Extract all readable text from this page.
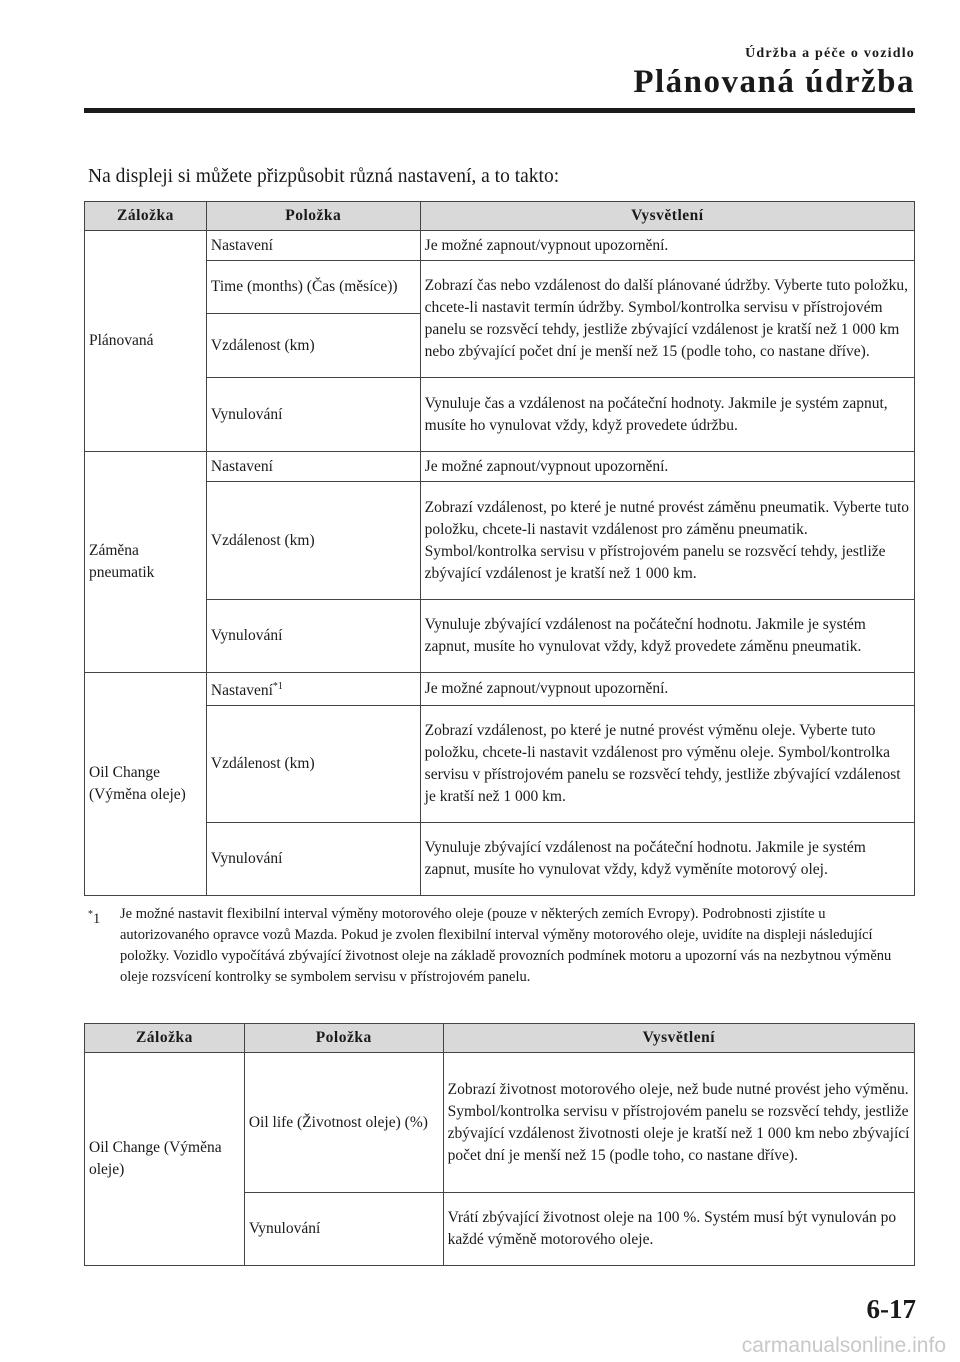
Údržba a péče o vozidlo
Plánovaná údržba
Na displeji si můžete přizpůsobit různá nastavení, a to takto:
Záložka	Položka	Vysvětlení
Plánovaná	Nastavení	Je možné zapnout/vypnout upozornění.
	Time (months) (Čas (měsíce))	Zobrazí čas nebo vzdálenost do další plánované údržby. Vyberte tuto položku, chcete-li nastavit termín údržby. Symbol/kontrolka servisu v přístrojovém panelu se rozsvěcí tehdy, jestliže zbývající vzdálenost je kratší než 1 000 km nebo zbývající počet dní je menší než 15 (podle toho, co nastane dříve).
	Vzdálenost (km)	
	Vynulování	Vynuluje čas a vzdálenost na počáteční hodnoty. Jakmile je systém zapnut, musíte ho vynulovat vždy, když provedete údržbu.
Záměna pneumatik	Nastavení	Je možné zapnout/vypnout upozornění.
	Vzdálenost (km)	Zobrazí vzdálenost, po které je nutné provést záměnu pneumatik. Vyberte tuto položku, chcete-li nastavit vzdálenost pro záměnu pneumatik. Symbol/kontrolka servisu v přístrojovém panelu se rozsvěcí tehdy, jestliže zbývající vzdálenost je kratší než 1 000 km.
	Vynulování	Vynuluje zbývající vzdálenost na počáteční hodnotu. Jakmile je systém zapnut, musíte ho vynulovat vždy, když provedete záměnu pneumatik.
Oil Change (Výměna oleje)	Nastavení$^{*1}$	Je možné zapnout/vypnout upozornění.
	Vzdálenost (km)	Zobrazí vzdálenost, po které je nutné provést výměnu oleje. Vyberte tuto položku, chcete-li nastavit vzdálenost pro výměnu oleje. Symbol/kontrolka servisu v přístrojovém panelu se rozsvěcí tehdy, jestliže zbývající vzdálenost je kratší než 1 000 km.
	Vynulování	Vynuluje zbývající vzdálenost na počáteční hodnotu. Jakmile je systém zapnut, musíte ho vynulovat vždy, když vyměníte motorový olej.
*1	Je možné nastavit flexibilní interval výměny motorového oleje (pouze v některých zemích Evropy). Podrobnosti zjistíte u autorizovaného opravce vozů Mazda. Pokud je zvolen flexibilní interval výměny motorového oleje, uvidíte na displeji následující položky. Vozidlo vypočítává zbývající životnost oleje na základě provozních podmínek motoru a upozorní vás na nezbytnou výměnu oleje rozsvícení kontrolky se symbolem servisu v přístrojovém panelu.
Záložka	Položka	Vysvětlení
Oil Change (Výměna oleje)	Oil life (Životnost oleje) (%)	Zobrazí životnost motorového oleje, než bude nutné provést jeho výměnu. Symbol/kontrolka servisu v přístrojovém panelu se rozsvěcí tehdy, jestliže zbývající vzdálenost životnosti oleje je kratší než 1 000 km nebo zbývající počet dní je menší než 15 (podle toho, co nastane dříve).
	Vynulování	Vrátí zbývající životnost oleje na 100 %. Systém musí být vynulován po každé výměně motorového oleje.
6-17
carmanualsonline.info
